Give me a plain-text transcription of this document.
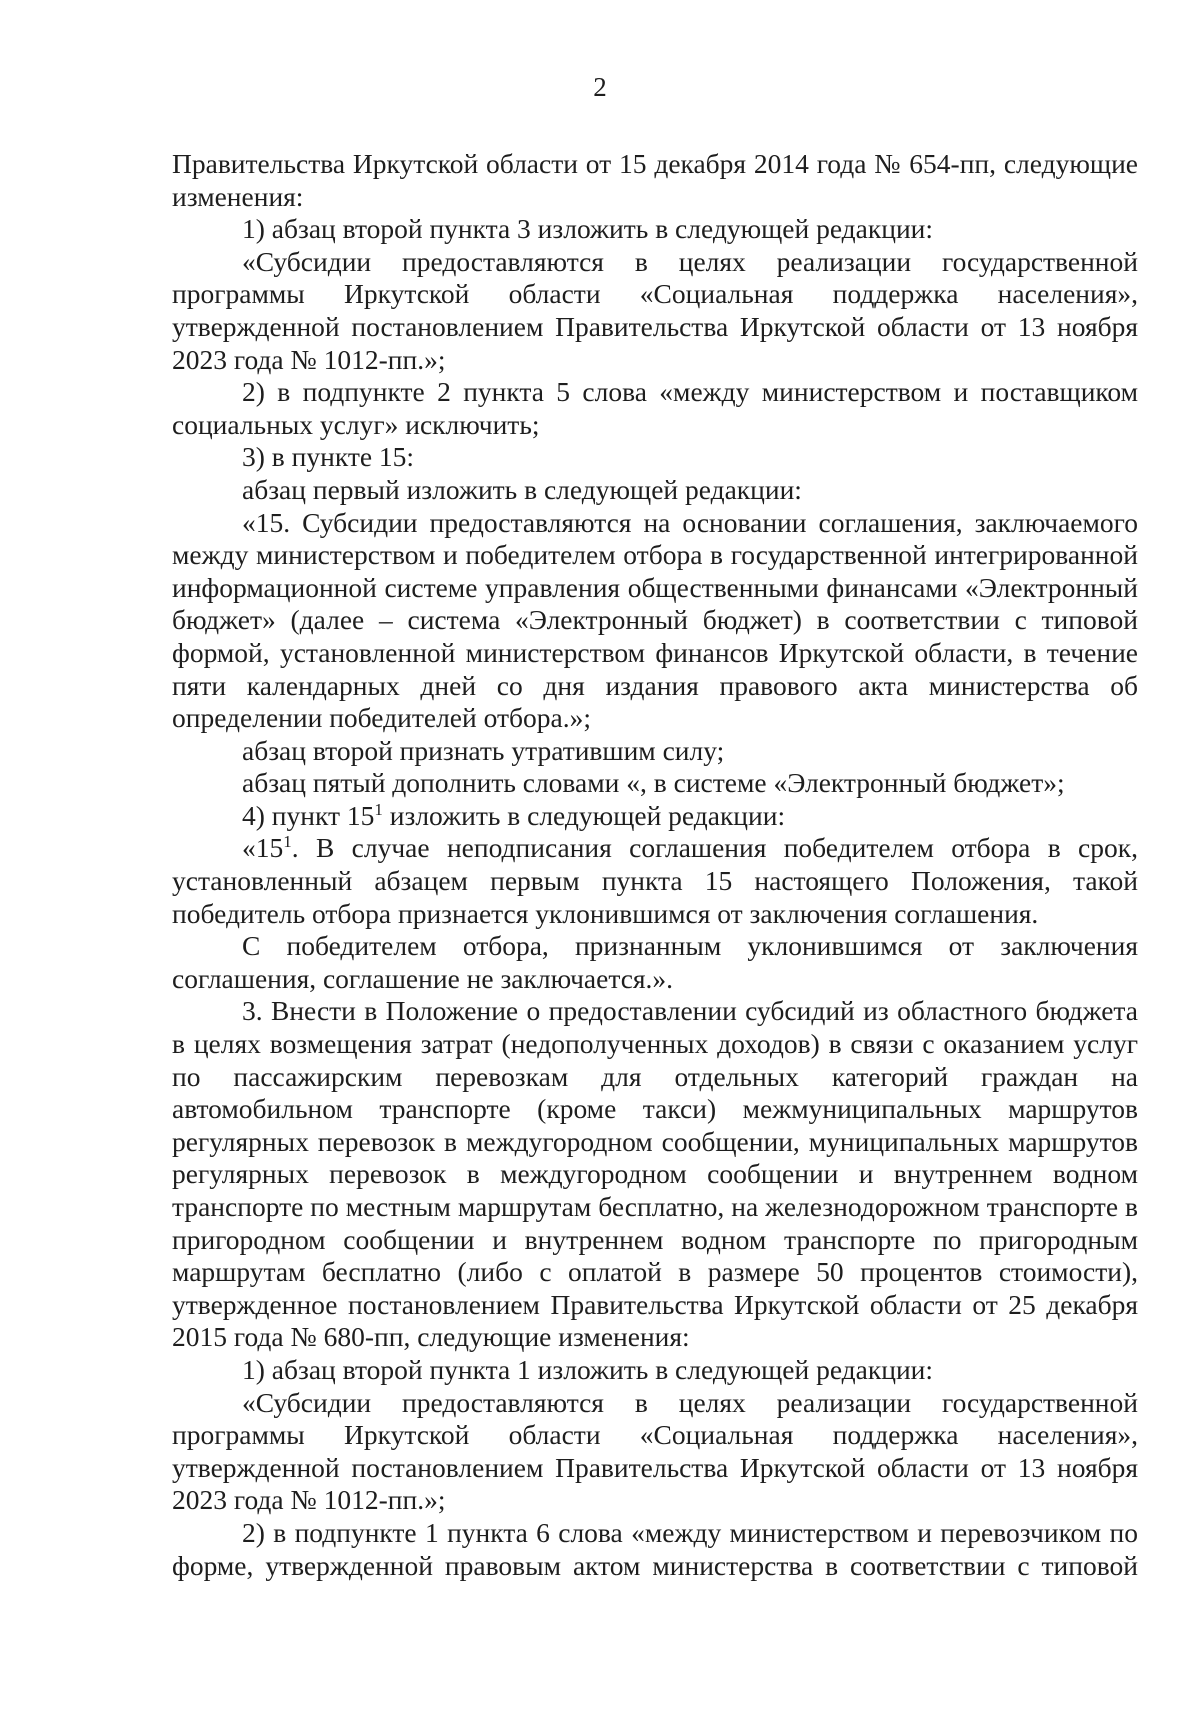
2

Правительства Иркутской области от 15 декабря 2014 года № 654-пп, следующие изменения:

1) абзац второй пункта 3 изложить в следующей редакции:

«Субсидии предоставляются в целях реализации государственной программы Иркутской области «Социальная поддержка населения», утвержденной постановлением Правительства Иркутской области от 13 ноября 2023 года № 1012-пп.»;

2) в подпункте 2 пункта 5 слова «между министерством и поставщиком социальных услуг» исключить;

3) в пункте 15:

абзац первый изложить в следующей редакции:

«15. Субсидии предоставляются на основании соглашения, заключаемого между министерством и победителем отбора в государственной интегрированной информационной системе управления общественными финансами «Электронный бюджет» (далее – система «Электронный бюджет) в соответствии с типовой формой, установленной министерством финансов Иркутской области, в течение пяти календарных дней со дня издания правового акта министерства об определении победителей отбора.»;

абзац второй признать утратившим силу;

абзац пятый дополнить словами «, в системе «Электронный бюджет»;

4) пункт $15^1$ изложить в следующей редакции:

«$15^1$. В случае неподписания соглашения победителем отбора в срок, установленный абзацем первым пункта 15 настоящего Положения, такой победитель отбора признается уклонившимся от заключения соглашения.

С победителем отбора, признанным уклонившимся от заключения соглашения, соглашение не заключается.».

3. Внести в Положение о предоставлении субсидий из областного бюджета в целях возмещения затрат (недополученных доходов) в связи с оказанием услуг по пассажирским перевозкам для отдельных категорий граждан на автомобильном транспорте (кроме такси) межмуниципальных маршрутов регулярных перевозок в междугородном сообщении, муниципальных маршрутов регулярных перевозок в междугородном сообщении и внутреннем водном транспорте по местным маршрутам бесплатно, на железнодорожном транспорте в пригородном сообщении и внутреннем водном транспорте по пригородным маршрутам бесплатно (либо с оплатой в размере 50 процентов стоимости), утвержденное постановлением Правительства Иркутской области от 25 декабря 2015 года № 680-пп, следующие изменения:

1) абзац второй пункта 1 изложить в следующей редакции:

«Субсидии предоставляются в целях реализации государственной программы Иркутской области «Социальная поддержка населения», утвержденной постановлением Правительства Иркутской области от 13 ноября 2023 года № 1012-пп.»;

2) в подпункте 1 пункта 6 слова «между министерством и перевозчиком по форме, утвержденной правовым актом министерства в соответствии с типовой
